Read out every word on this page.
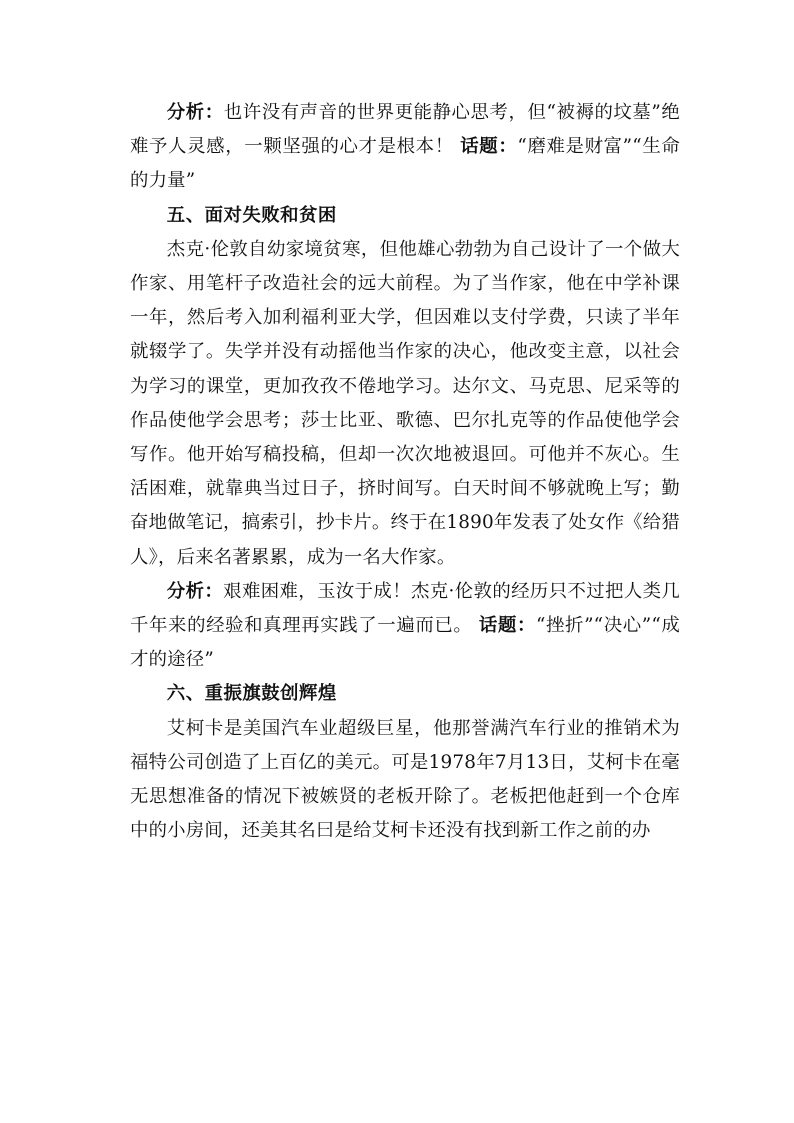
分析：也许没有声音的世界更能静心思考，但“被褥的坟墓”绝难予人灵感，一颗坚强的心才是根本！ 话题：“磨难是财富”“生命的力量”

五、面对失败和贫困

杰克·伦敦自幼家境贫寒，但他雄心勃勃为自己设计了一个做大作家、用笔杆子改造社会的远大前程。为了当作家，他在中学补课一年，然后考入加利福利亚大学，但因难以支付学费，只读了半年就辍学了。失学并没有动摇他当作家的决心，他改变主意，以社会为学习的课堂，更加孜孜不倦地学习。达尔文、马克思、尼采等的作品使他学会思考；莎士比亚、歌德、巴尔扎克等的作品使他学会写作。他开始写稿投稿，但却一次次地被退回。可他并不灰心。生活困难，就靠典当过日子，挤时间写。白天时间不够就晚上写；勤奋地做笔记，搞索引，抄卡片。终于在1890年发表了处女作《给猎人》，后来名著累累，成为一名大作家。

分析：艰难困难，玉汝于成！杰克·伦敦的经历只不过把人类几千年来的经验和真理再实践了一遍而已。 话题：“挫折”“决心”“成才的途径”

六、重振旗鼓创辉煌

艾柯卡是美国汽车业超级巨星，他那誉满汽车行业的推销术为福特公司创造了上百亿的美元。可是1978年7月13日，艾柯卡在毫无思想准备的情况下被嫉贤的老板开除了。老板把他赶到一个仓库中的小房间，还美其名曰是给艾柯卡还没有找到新工作之前的办
